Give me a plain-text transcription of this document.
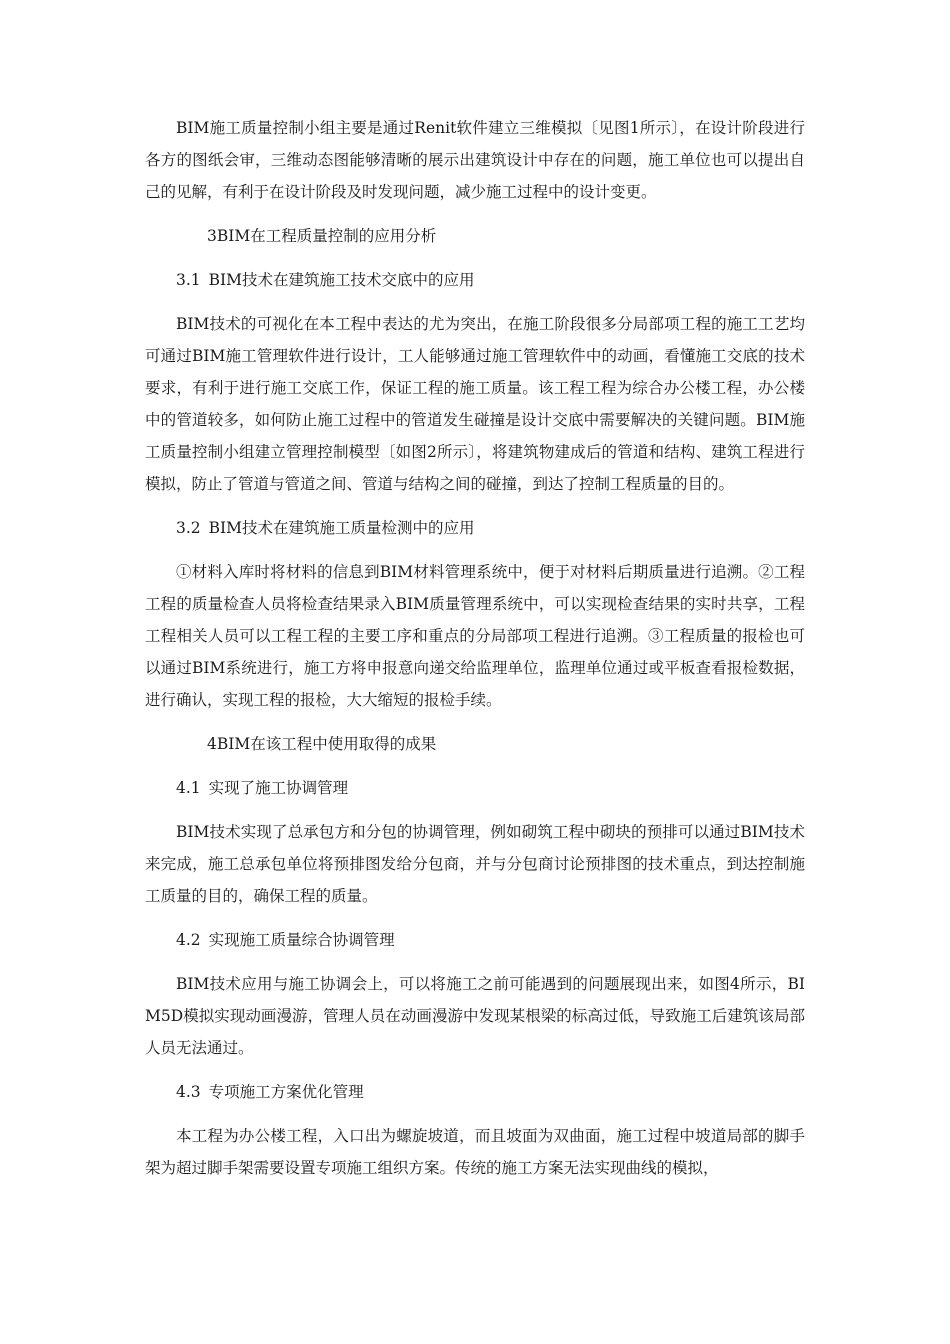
BIM施工质量控制小组主要是通过Renit软件建立三维模拟〔见图1所示〕，在设计阶段进行各方的图纸会审，三维动态图能够清晰的展示出建筑设计中存在的问题，施工单位也可以提出自己的见解，有利于在设计阶段及时发现问题，减少施工过程中的设计变更。

3BIM在工程质量控制的应用分析

3.1 BIM技术在建筑施工技术交底中的应用

BIM技术的可视化在本工程中表达的尤为突出，在施工阶段很多分局部项工程的施工工艺均可通过BIM施工管理软件进行设计，工人能够通过施工管理软件中的动画，看懂施工交底的技术要求，有利于进行施工交底工作，保证工程的施工质量。该工程工程为综合办公楼工程，办公楼中的管道较多，如何防止施工过程中的管道发生碰撞是设计交底中需要解决的关键问题。BIM施工质量控制小组建立管理控制模型〔如图2所示〕，将建筑物建成后的管道和结构、建筑工程进行模拟，防止了管道与管道之间、管道与结构之间的碰撞，到达了控制工程质量的目的。

3.2 BIM技术在建筑施工质量检测中的应用

①材料入库时将材料的信息到BIM材料管理系统中，便于对材料后期质量进行追溯。②工程工程的质量检查人员将检查结果录入BIM质量管理系统中，可以实现检查结果的实时共享，工程工程相关人员可以工程工程的主要工序和重点的分局部项工程进行追溯。③工程质量的报检也可以通过BIM系统进行，施工方将申报意向递交给监理单位，监理单位通过或平板查看报检数据，进行确认，实现工程的报检，大大缩短的报检手续。

4BIM在该工程中使用取得的成果

4.1 实现了施工协调管理

BIM技术实现了总承包方和分包的协调管理，例如砌筑工程中砌块的预排可以通过BIM技术来完成，施工总承包单位将预排图发给分包商，并与分包商讨论预排图的技术重点，到达控制施工质量的目的，确保工程的质量。

4.2 实现施工质量综合协调管理

BIM技术应用与施工协调会上，可以将施工之前可能遇到的问题展现出来，如图4所示，BIM5D模拟实现动画漫游，管理人员在动画漫游中发现某根梁的标高过低，导致施工后建筑该局部人员无法通过。

4.3 专项施工方案优化管理

本工程为办公楼工程，入口出为螺旋坡道，而且坡面为双曲面，施工过程中坡道局部的脚手架为超过脚手架需要设置专项施工组织方案。传统的施工方案无法实现曲线的模拟，
